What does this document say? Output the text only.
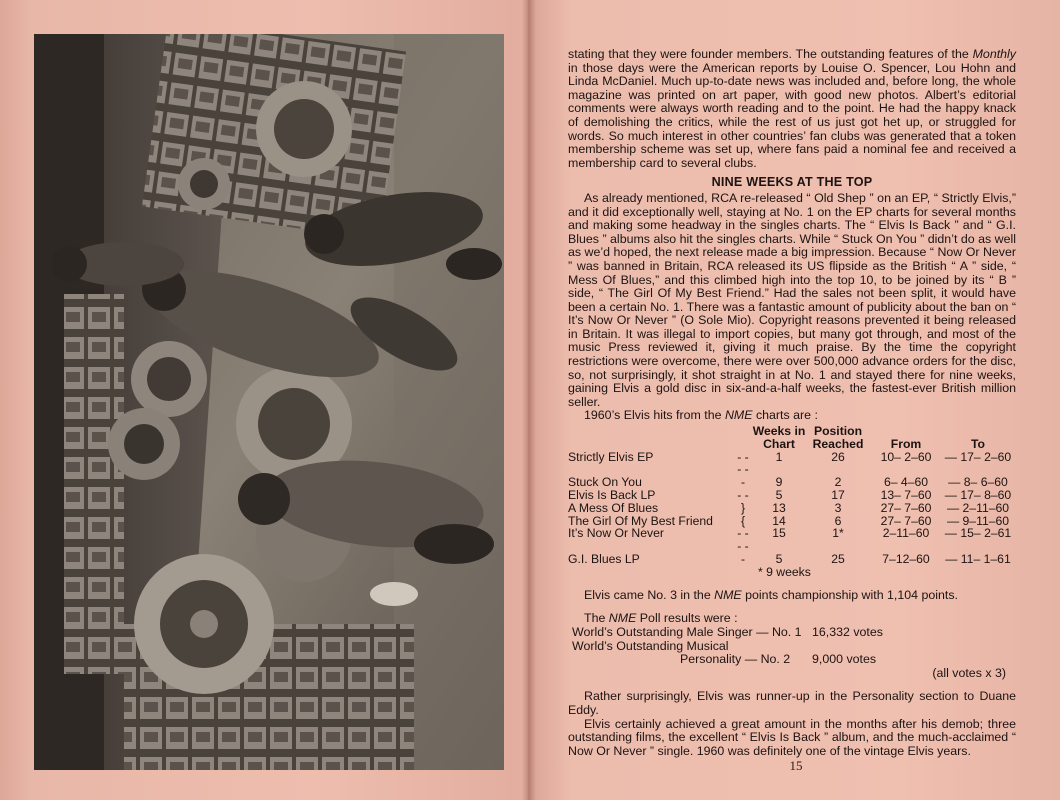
stating that they were founder members. The outstanding features of the Monthly in those days were the American reports by Louise O. Spencer, Lou Hohn and Linda McDaniel. Much up-to-date news was included and, before long, the whole magazine was printed on art paper, with good new photos. Albert’s editorial comments were always worth reading and to the point. He had the happy knack of demolishing the critics, while the rest of us just got het up, or struggled for words. So much interest in other countries’ fan clubs was generated that a token membership scheme was set up, where fans paid a nominal fee and received a membership card to several clubs.

NINE WEEKS AT THE TOP

As already mentioned, RCA re-released “ Old Shep ” on an EP, “ Strictly Elvis,” and it did exceptionally well, staying at No. 1 on the EP charts for several months and making some headway in the singles charts. The “ Elvis Is Back ” and “ G.I. Blues ” albums also hit the singles charts. While “ Stuck On You ” didn’t do as well as we’d hoped, the next release made a big impression. Because “ Now Or Never ” was banned in Britain, RCA released its US flipside as the British “ A ” side, “ Mess Of Blues,” and this climbed high into the top 10, to be joined by its “ B ” side, “ The Girl Of My Best Friend.” Had the sales not been split, it would have been a certain No. 1. There was a fantastic amount of publicity about the ban on “ It’s Now Or Never ” (O Sole Mio). Copyright reasons prevented it being released in Britain. It was illegal to import copies, but many got through, and most of the music Press reviewed it, giving it much praise. By the time the copyright restrictions were overcome, there were over 500,000 advance orders for the disc, so, not surprisingly, it shot straight in at No. 1 and stayed there for nine weeks, gaining Elvis a gold disc in six-and-a-half weeks, the fastest-ever British million seller.

1960’s Elvis hits from the NME charts are :

		Weeks in Chart	Position Reached	From	To
Strictly Elvis EP	- -	1	26	10– 2–60	— 17– 2–60
Stuck On You	- - -	9	2	6– 4–60	— 8– 6–60
Elvis Is Back LP	- -	5	17	13– 7–60	— 17– 8–60
A Mess Of Blues	}	13	3	27– 7–60	— 2–11–60
The Girl Of My Best Friend	{	14	6	27– 7–60	— 9–11–60
It’s Now Or Never	- -	15	1*	2–11–60	— 15– 2–61
G.I. Blues LP	- - -	5	25	7–12–60	— 11– 1–61
* 9 weeks

Elvis came No. 3 in the NME points championship with 1,104 points.

The NME Poll results were :

World’s Outstanding Male Singer — No. 1 16,332 votes
World’s Outstanding Musical
Personality — No. 2	9,000 votes
(all votes x 3)

Rather surprisingly, Elvis was runner-up in the Personality section to Duane Eddy.

Elvis certainly achieved a great amount in the months after his demob; three outstanding films, the excellent “ Elvis Is Back ” album, and the much-acclaimed “ Now Or Never ” single. 1960 was definitely one of the vintage Elvis years.

15
